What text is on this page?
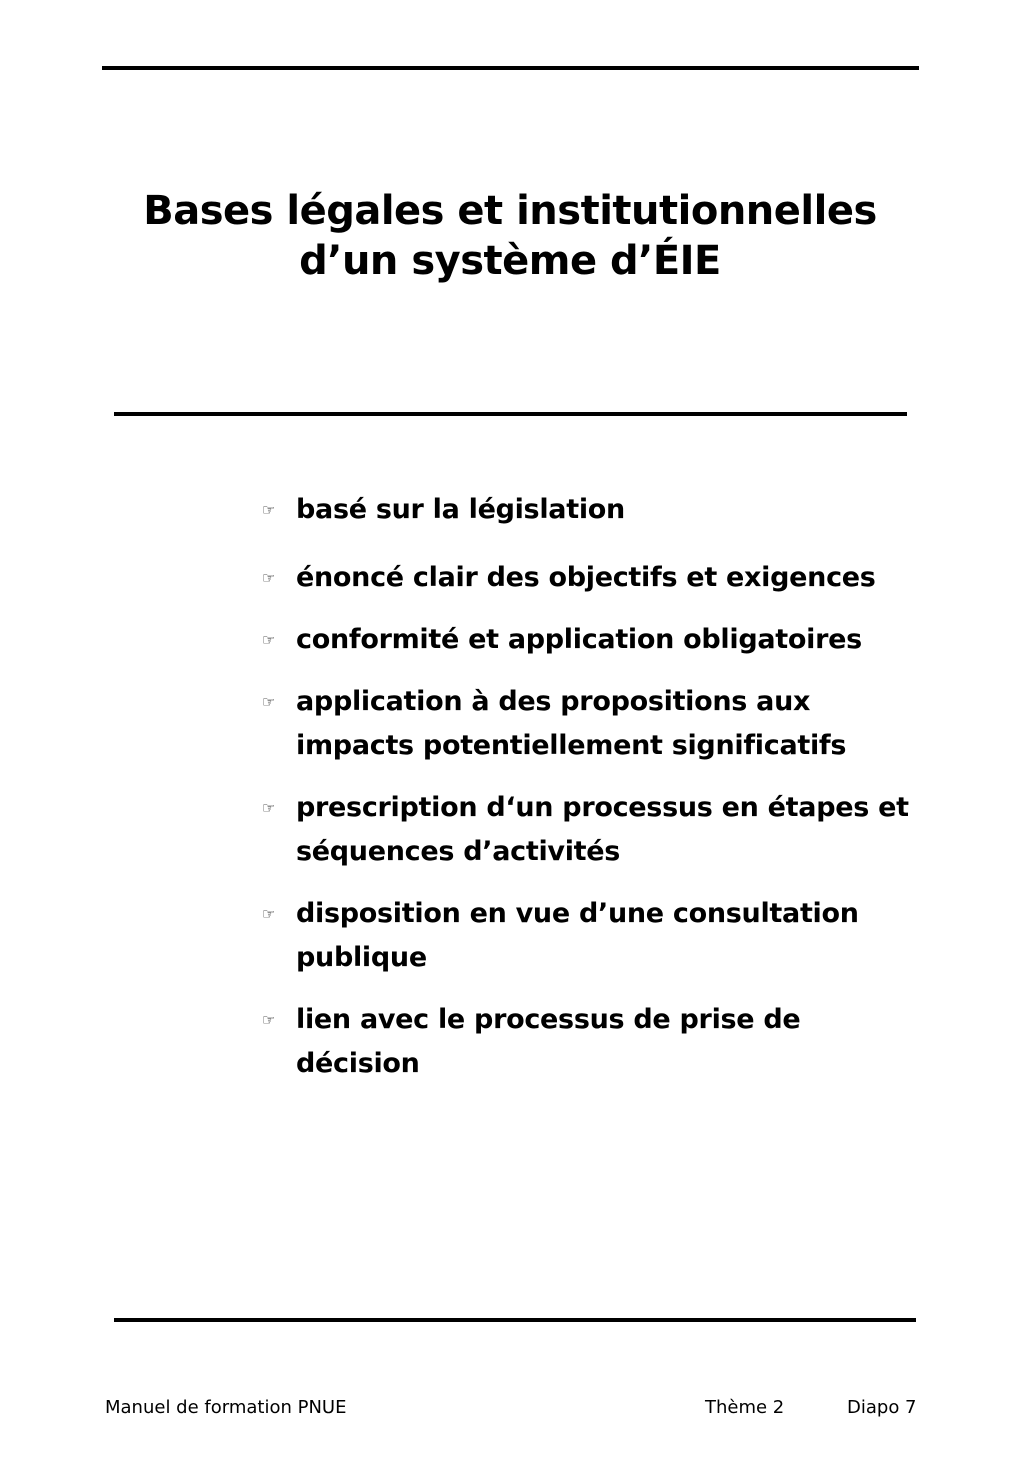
Bases légales et institutionnelles
d’un système d’ÉIE
☞ basé sur la législation
☞ énoncé clair des objectifs et exigences
☞ conformité et application obligatoires
☞ application à des propositions aux
impacts potentiellement significatifs
☞ prescription d‘un processus en étapes et
séquences d’activités
☞ disposition en vue d’une consultation
publique
☞ lien avec le processus de prise de
décision
Manuel de formation PNUE	Thème 2	Diapo 7
